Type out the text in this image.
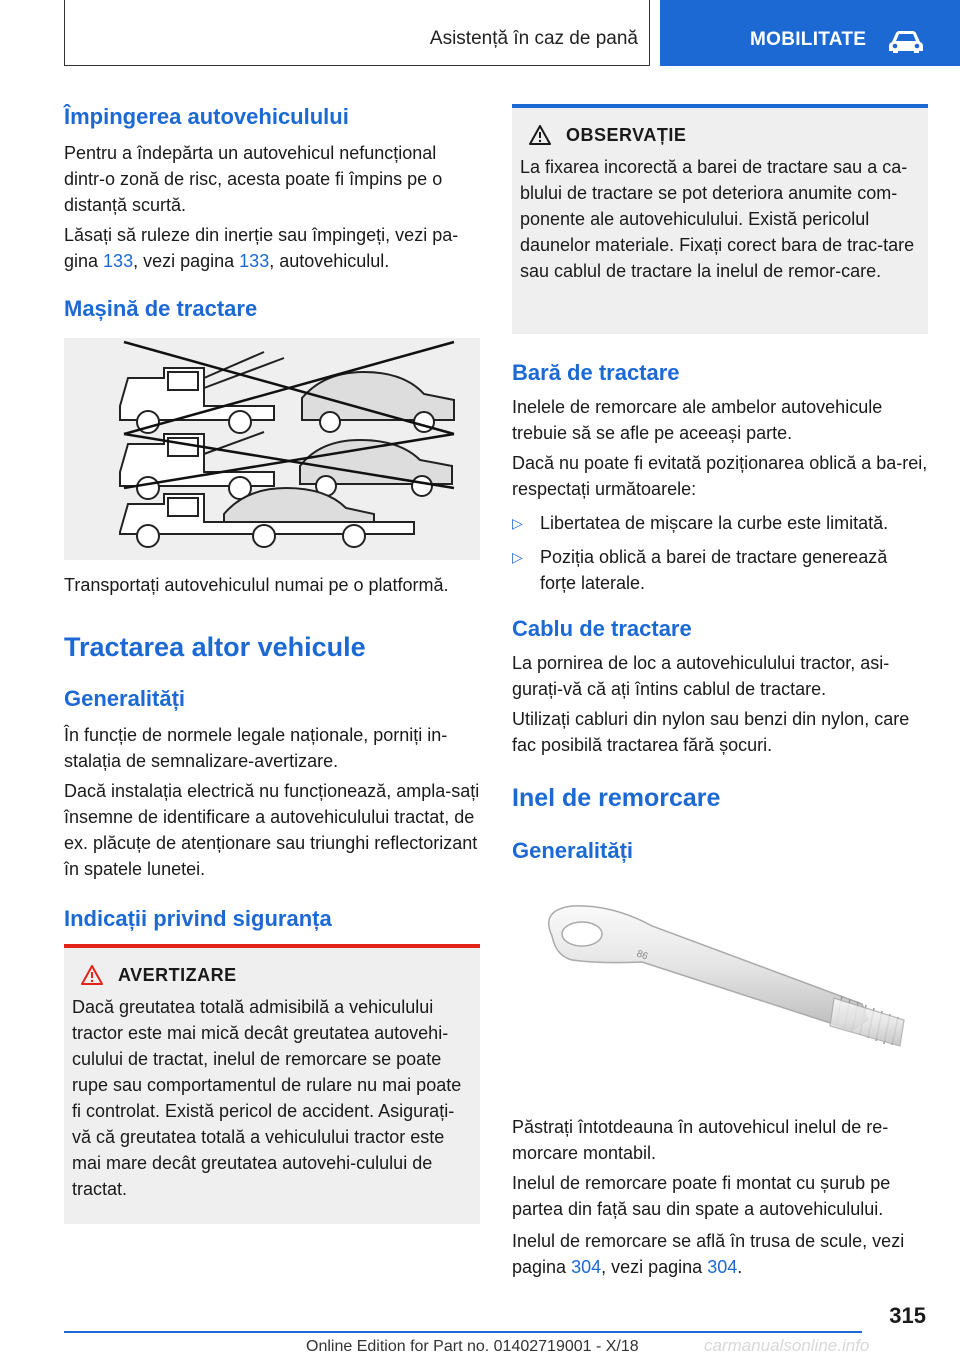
Asistență în caz de pană	MOBILITATE
Împingerea autovehiculului

Pentru a îndepărta un autovehicul nefuncțional dintr-o zonă de risc, acesta poate fi împins pe o distanță scurtă.

Lăsați să ruleze din inerție sau împingeți, vezi pa-gina 133, vezi pagina 133, autovehiculul.

Mașină de tractare

Transportați autovehiculul numai pe o platformă.

Tractarea altor vehicule
Generalități

În funcție de normele legale naționale, porniți in-stalația de semnalizare-avertizare.

Dacă instalația electrică nu funcționează, ampla-sați însemne de identificare a autovehiculului tractat, de ex. plăcuțe de atenționare sau triunghi reflectorizant în spatele lunetei.

Indicații privind siguranța
AVERTIZARE

Dacă greutatea totală admisibilă a vehiculului tractor este mai mică decât greutatea autovehi-culului de tractat, inelul de remorcare se poate rupe sau comportamentul de rulare nu mai poate fi controlat. Există pericol de accident. Asigurați-vă că greutatea totală a vehiculului tractor este mai mare decât greutatea autovehi-culului de tractat.

OBSERVAȚIE

La fixarea incorectă a barei de tractare sau a ca-blului de tractare se pot deteriora anumite com-ponente ale autovehiculului. Există pericolul daunelor materiale. Fixați corect bara de trac-tare sau cablul de tractare la inelul de remor-care.

Bară de tractare

Inelele de remorcare ale ambelor autovehicule trebuie să se afle pe aceeași parte.

Dacă nu poate fi evitată poziționarea oblică a ba-rei, respectați următoarele:

▷ Libertatea de mișcare la curbe este limitată.
▷ Poziția oblică a barei de tractare generează forțe laterale.
Cablu de tractare

La pornirea de loc a autovehiculului tractor, asi-gurați-vă că ați întins cablul de tractare.

Utilizați cabluri din nylon sau benzi din nylon, care fac posibilă tractarea fără șocuri.

Inel de remorcare
Generalități
86

Păstrați întotdeauna în autovehicul inelul de re-morcare montabil.

Inelul de remorcare poate fi montat cu șurub pe partea din față sau din spate a autovehiculului.

Inelul de remorcare se află în trusa de scule, vezi pagina 304, vezi pagina 304.

315
Online Edition for Part no. 01402719001 - X/18	carmanualsonline.info
